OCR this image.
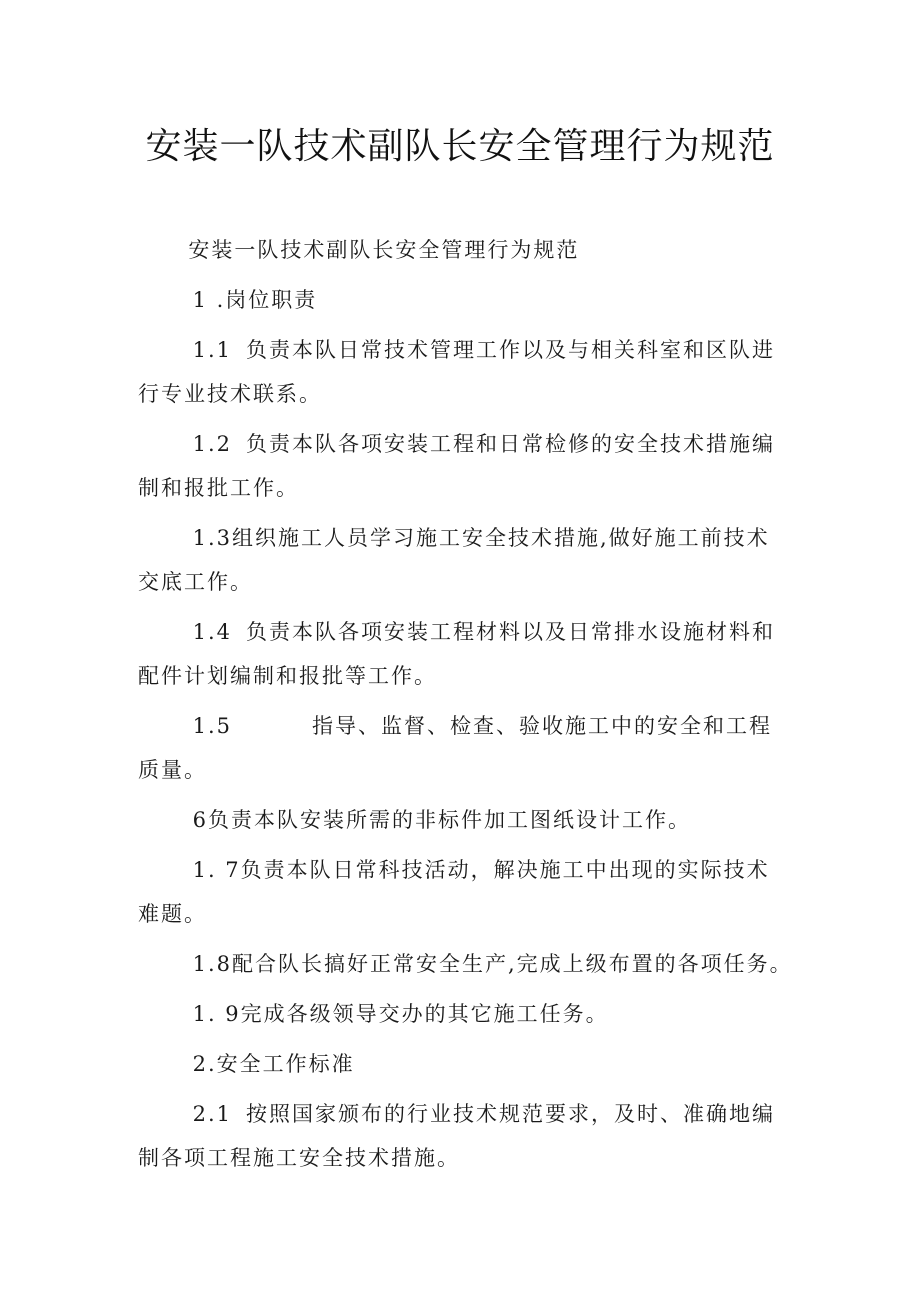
安装一队技术副队长安全管理行为规范

安装一队技术副队长安全管理行为规范

1 .岗位职责

1.1 负责本队日常技术管理工作以及与相关科室和区队进行专业技术联系。

1.2 负责本队各项安装工程和日常检修的安全技术措施编制和报批工作。

1.3组织施工人员学习施工安全技术措施,做好施工前技术交底工作。

1.4 负责本队各项安装工程材料以及日常排水设施材料和配件计划编制和报批等工作。

1.5	指导、监督、检查、验收施工中的安全和工程质量。

6负责本队安装所需的非标件加工图纸设计工作。

1. 7负责本队日常科技活动，解决施工中出现的实际技术难题。

1.8配合队长搞好正常安全生产,完成上级布置的各项任务。

1. 9完成各级领导交办的其它施工任务。

2.安全工作标准

2.1 按照国家颁布的行业技术规范要求，及时、准确地编制各项工程施工安全技术措施。
